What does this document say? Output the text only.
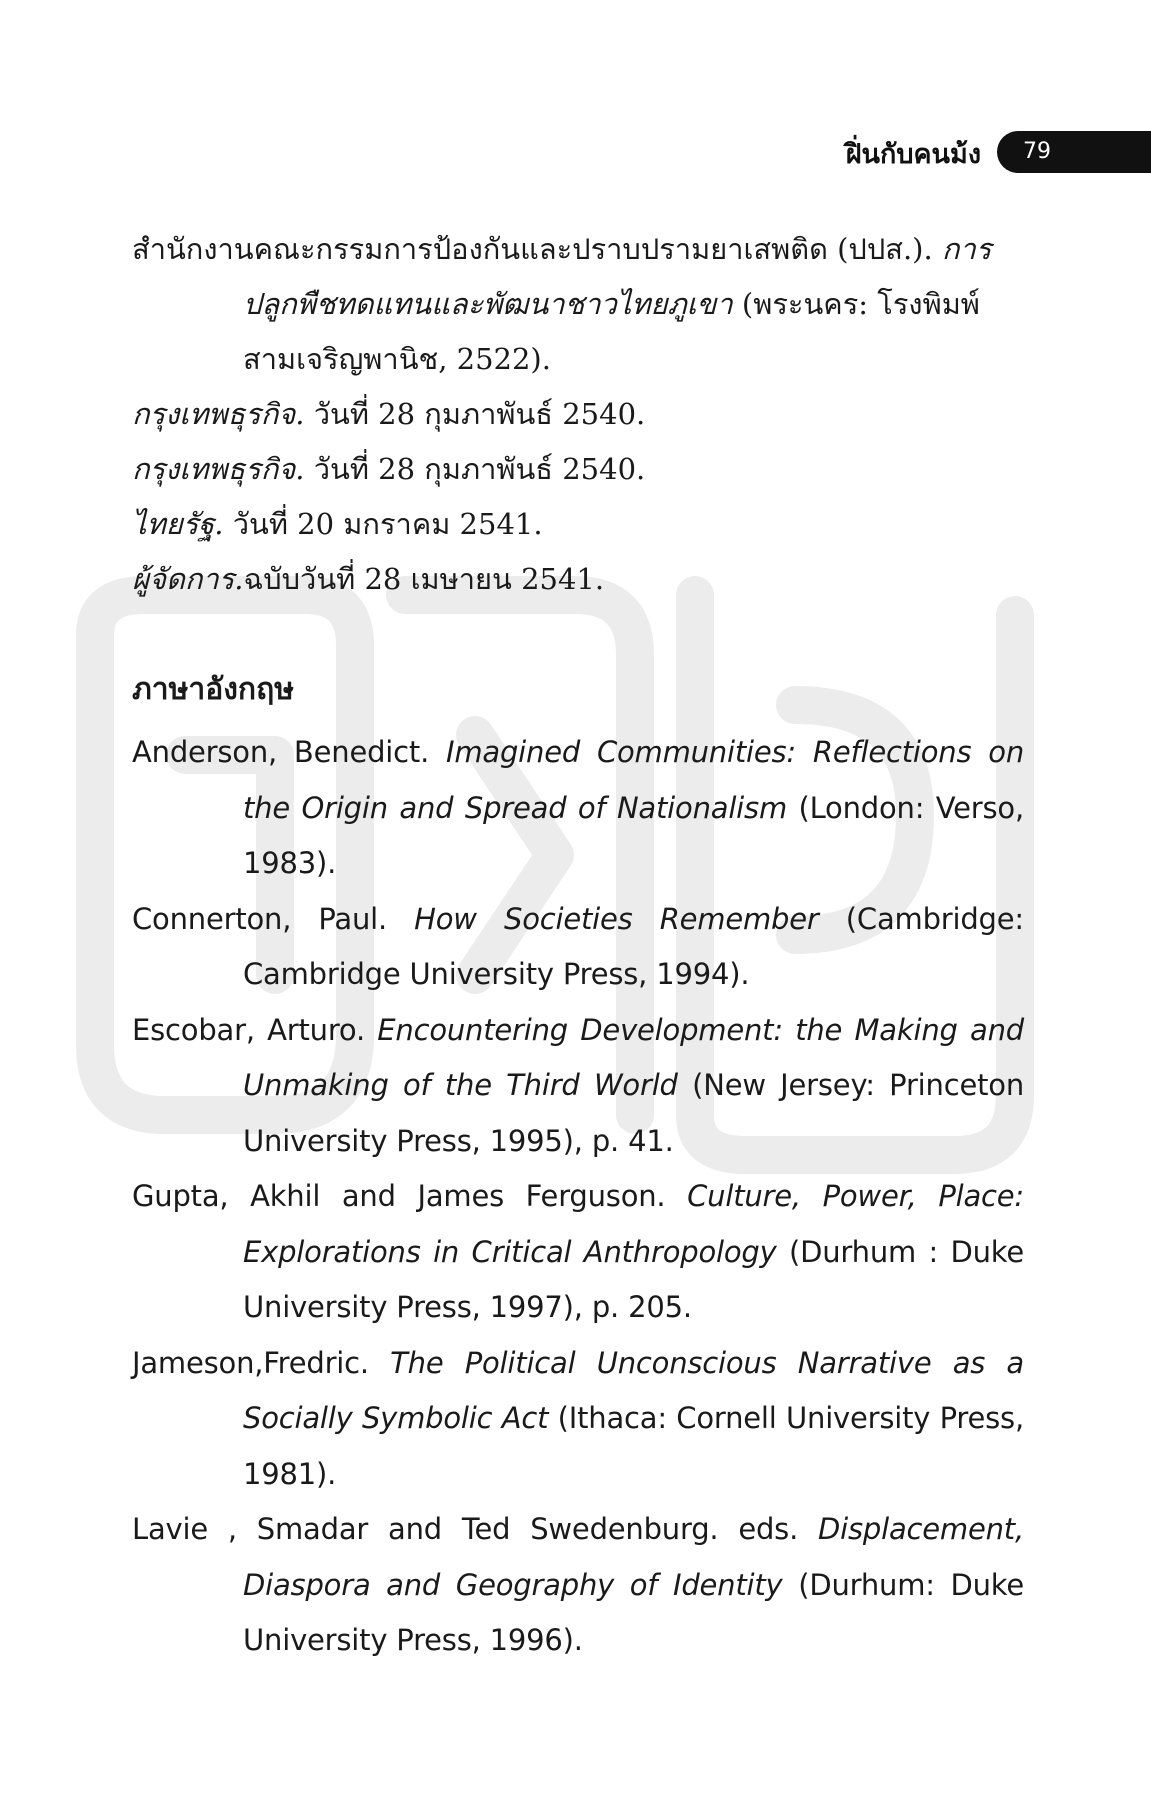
ฝิ่นกับคนม้ง 79

สำนักงานคณะกรรมการป้องกันและปราบปรามยาเสพติด (ปปส.). การปลูกพืชทดแทนและพัฒนาชาวไทยภูเขา (พระนคร: โรงพิมพ์สามเจริญพานิช, 2522).

กรุงเทพธุรกิจ. วันที่ 28 กุมภาพันธ์ 2540.

กรุงเทพธุรกิจ. วันที่ 28 กุมภาพันธ์ 2540.

ไทยรัฐ. วันที่ 20 มกราคม 2541.

ผู้จัดการ.ฉบับวันที่ 28 เมษายน 2541.

ภาษาอังกฤษ

Anderson, Benedict. Imagined Communities: Reflections on the Origin and Spread of Nationalism (London: Verso, 1983).

Connerton, Paul. How Societies Remember (Cambridge: Cambridge University Press, 1994).

Escobar, Arturo. Encountering Development: the Making and Unmaking of the Third World (New Jersey: Princeton University Press, 1995), p. 41.

Gupta, Akhil and James Ferguson. Culture, Power, Place: Explorations in Critical Anthropology (Durhum : Duke University Press, 1997), p. 205.

Jameson,Fredric. The Political Unconscious Narrative as a Socially Symbolic Act (Ithaca: Cornell University Press, 1981).

Lavie , Smadar and Ted Swedenburg. eds. Displacement, Diaspora and Geography of Identity (Durhum: Duke University Press, 1996).
